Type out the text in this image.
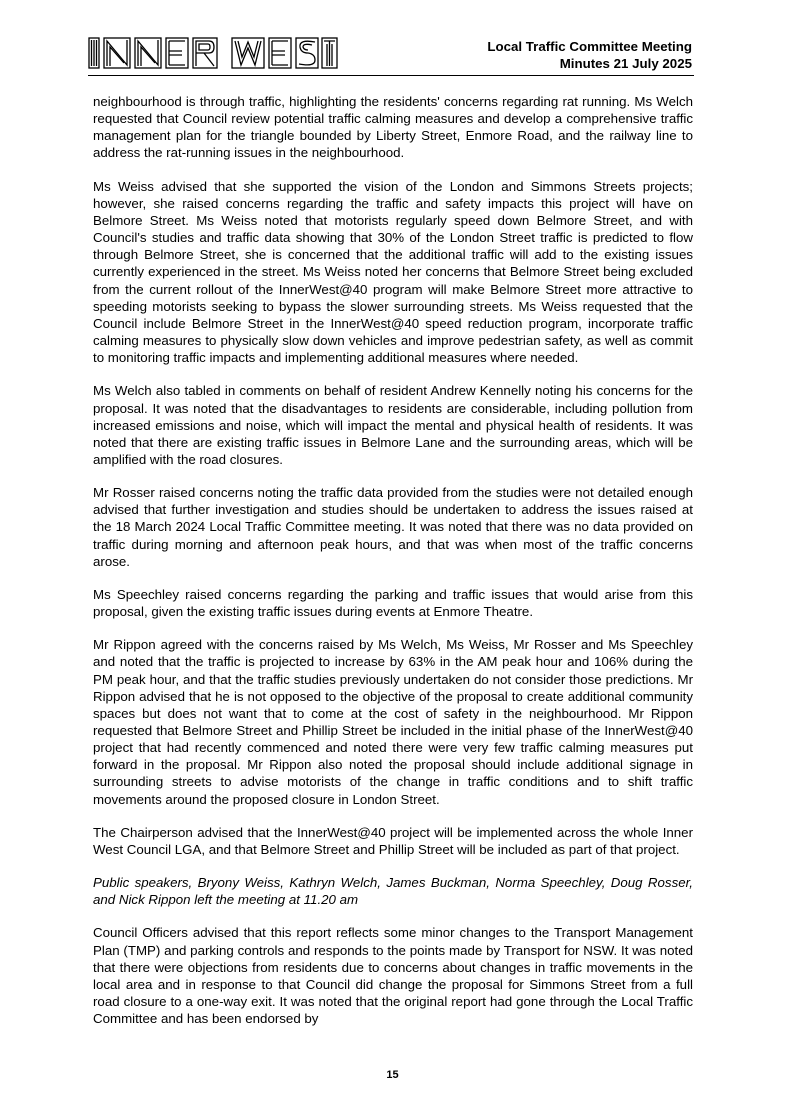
Local Traffic Committee Meeting
Minutes 21 July 2025

neighbourhood is through traffic, highlighting the residents' concerns regarding rat running. Ms Welch requested that Council review potential traffic calming measures and develop a comprehensive traffic management plan for the triangle bounded by Liberty Street, Enmore Road, and the railway line to address the rat-running issues in the neighbourhood.

Ms Weiss advised that she supported the vision of the London and Simmons Streets projects; however, she raised concerns regarding the traffic and safety impacts this project will have on Belmore Street. Ms Weiss noted that motorists regularly speed down Belmore Street, and with Council's studies and traffic data showing that 30% of the London Street traffic is predicted to flow through Belmore Street, she is concerned that the additional traffic will add to the existing issues currently experienced in the street. Ms Weiss noted her concerns that Belmore Street being excluded from the current rollout of the InnerWest@40 program will make Belmore Street more attractive to speeding motorists seeking to bypass the slower surrounding streets. Ms Weiss requested that the Council include Belmore Street in the InnerWest@40 speed reduction program, incorporate traffic calming measures to physically slow down vehicles and improve pedestrian safety, as well as commit to monitoring traffic impacts and implementing additional measures where needed.

Ms Welch also tabled in comments on behalf of resident Andrew Kennelly noting his concerns for the proposal. It was noted that the disadvantages to residents are considerable, including pollution from increased emissions and noise, which will impact the mental and physical health of residents. It was noted that there are existing traffic issues in Belmore Lane and the surrounding areas, which will be amplified with the road closures.

Mr Rosser raised concerns noting the traffic data provided from the studies were not detailed enough advised that further investigation and studies should be undertaken to address the issues raised at the 18 March 2024 Local Traffic Committee meeting. It was noted that there was no data provided on traffic during morning and afternoon peak hours, and that was when most of the traffic concerns arose.

Ms Speechley raised concerns regarding the parking and traffic issues that would arise from this proposal, given the existing traffic issues during events at Enmore Theatre.

Mr Rippon agreed with the concerns raised by Ms Welch, Ms Weiss, Mr Rosser and Ms Speechley and noted that the traffic is projected to increase by 63% in the AM peak hour and 106% during the PM peak hour, and that the traffic studies previously undertaken do not consider those predictions. Mr Rippon advised that he is not opposed to the objective of the proposal to create additional community spaces but does not want that to come at the cost of safety in the neighbourhood. Mr Rippon requested that Belmore Street and Phillip Street be included in the initial phase of the InnerWest@40 project that had recently commenced and noted there were very few traffic calming measures put forward in the proposal. Mr Rippon also noted the proposal should include additional signage in surrounding streets to advise motorists of the change in traffic conditions and to shift traffic movements around the proposed closure in London Street.

The Chairperson advised that the InnerWest@40 project will be implemented across the whole Inner West Council LGA, and that Belmore Street and Phillip Street will be included as part of that project.

Public speakers, Bryony Weiss, Kathryn Welch, James Buckman, Norma Speechley, Doug Rosser, and Nick Rippon left the meeting at 11.20 am

Council Officers advised that this report reflects some minor changes to the Transport Management Plan (TMP) and parking controls and responds to the points made by Transport for NSW. It was noted that there were objections from residents due to concerns about changes in traffic movements in the local area and in response to that Council did change the proposal for Simmons Street from a full road closure to a one-way exit. It was noted that the original report had gone through the Local Traffic Committee and has been endorsed by

15
